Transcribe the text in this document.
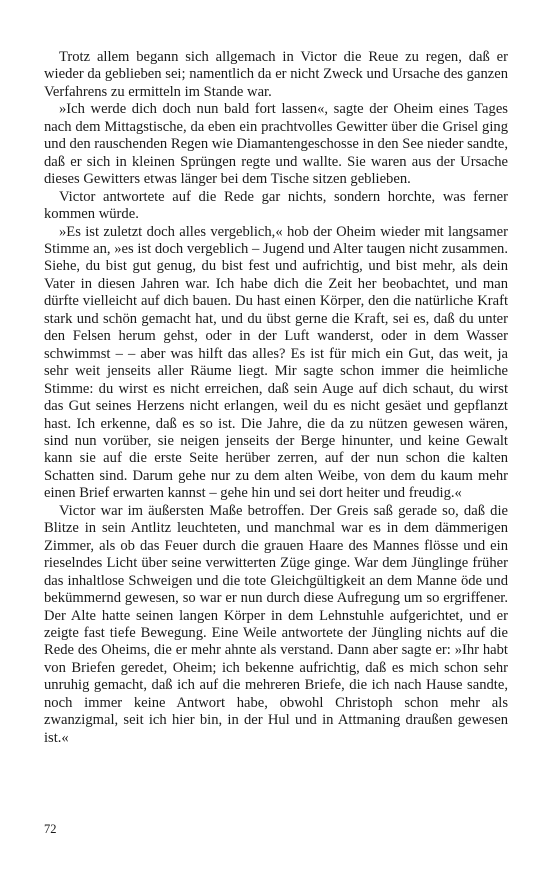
Trotz allem begann sich allgemach in Victor die Reue zu regen, daß er wieder da geblieben sei; namentlich da er nicht Zweck und Ursache des ganzen Verfahrens zu ermitteln im Stande war.

»Ich werde dich doch nun bald fort lassen«, sagte der Oheim eines Tages nach dem Mittagstische, da eben ein prachtvolles Gewitter über die Grisel ging und den rauschenden Regen wie Diamantengeschosse in den See nieder sandte, daß er sich in kleinen Sprüngen regte und wallte. Sie waren aus der Ursache dieses Gewitters etwas länger bei dem Tische sitzen geblieben.

Victor antwortete auf die Rede gar nichts, sondern horchte, was ferner kommen würde.

»Es ist zuletzt doch alles vergeblich,« hob der Oheim wieder mit langsamer Stimme an, »es ist doch vergeblich – Jugend und Alter taugen nicht zusammen. Siehe, du bist gut genug, du bist fest und aufrichtig, und bist mehr, als dein Vater in diesen Jahren war. Ich habe dich die Zeit her beobachtet, und man dürfte vielleicht auf dich bauen. Du hast einen Körper, den die natürliche Kraft stark und schön gemacht hat, und du übst gerne die Kraft, sei es, daß du unter den Felsen herum gehst, oder in der Luft wanderst, oder in dem Wasser schwimmst – – aber was hilft das alles? Es ist für mich ein Gut, das weit, ja sehr weit jenseits aller Räume liegt. Mir sagte schon immer die heimliche Stimme: du wirst es nicht erreichen, daß sein Auge auf dich schaut, du wirst das Gut seines Herzens nicht erlangen, weil du es nicht gesäet und gepflanzt hast. Ich erkenne, daß es so ist. Die Jahre, die da zu nützen gewesen wären, sind nun vorüber, sie neigen jenseits der Berge hinunter, und keine Gewalt kann sie auf die erste Seite herüber zerren, auf der nun schon die kalten Schatten sind. Darum gehe nur zu dem alten Weibe, von dem du kaum mehr einen Brief erwarten kannst – gehe hin und sei dort heiter und freudig.«

Victor war im äußersten Maße betroffen. Der Greis saß gerade so, daß die Blitze in sein Antlitz leuchteten, und manchmal war es in dem dämmerigen Zimmer, als ob das Feuer durch die grauen Haare des Mannes flösse und ein rieselndes Licht über seine verwitterten Züge ginge. War dem Jünglinge früher das inhaltlose Schweigen und die tote Gleichgültigkeit an dem Manne öde und bekümmernd gewesen, so war er nun durch diese Aufregung um so ergriffener. Der Alte hatte seinen langen Körper in dem Lehnstuhle aufgerichtet, und er zeigte fast tiefe Bewegung. Eine Weile antwortete der Jüngling nichts auf die Rede des Oheims, die er mehr ahnte als verstand. Dann aber sagte er: »Ihr habt von Briefen geredet, Oheim; ich bekenne aufrichtig, daß es mich schon sehr unruhig gemacht, daß ich auf die mehreren Briefe, die ich nach Hause sandte, noch immer keine Antwort habe, obwohl Christoph schon mehr als zwanzigmal, seit ich hier bin, in der Hul und in Attmaning draußen gewesen ist.«

72
